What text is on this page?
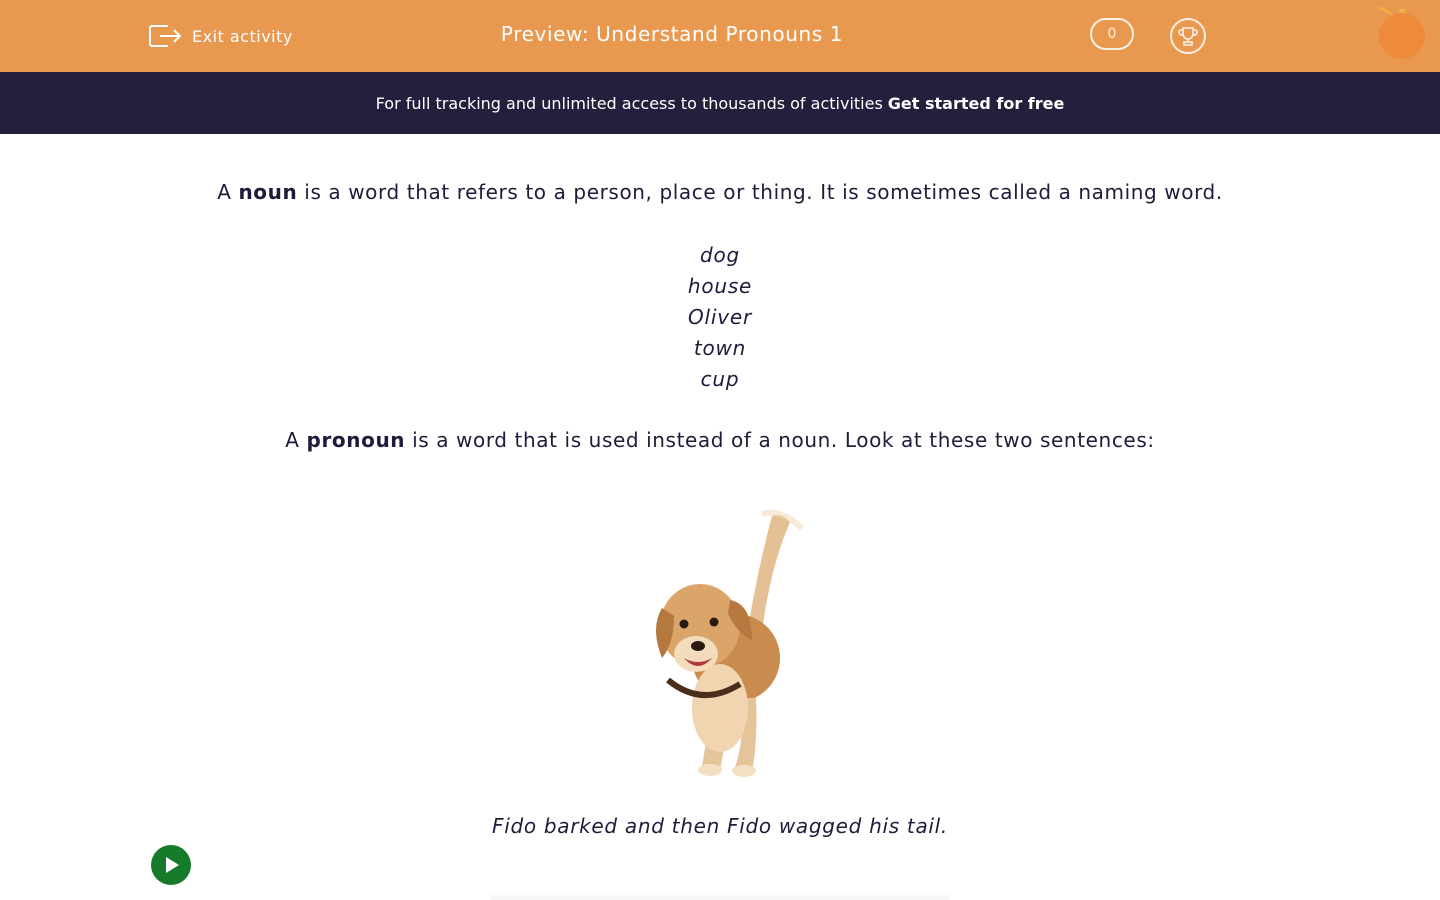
Exit activity	Preview: Understand Pronouns 1	0
For full tracking and unlimited access to thousands of activities Get started for free
A noun is a word that refers to a person, place or thing. It is sometimes called a naming word.
dog
house
Oliver
town
cup
A pronoun is a word that is used instead of a noun. Look at these two sentences:
Fido barked and then Fido wagged his tail.
